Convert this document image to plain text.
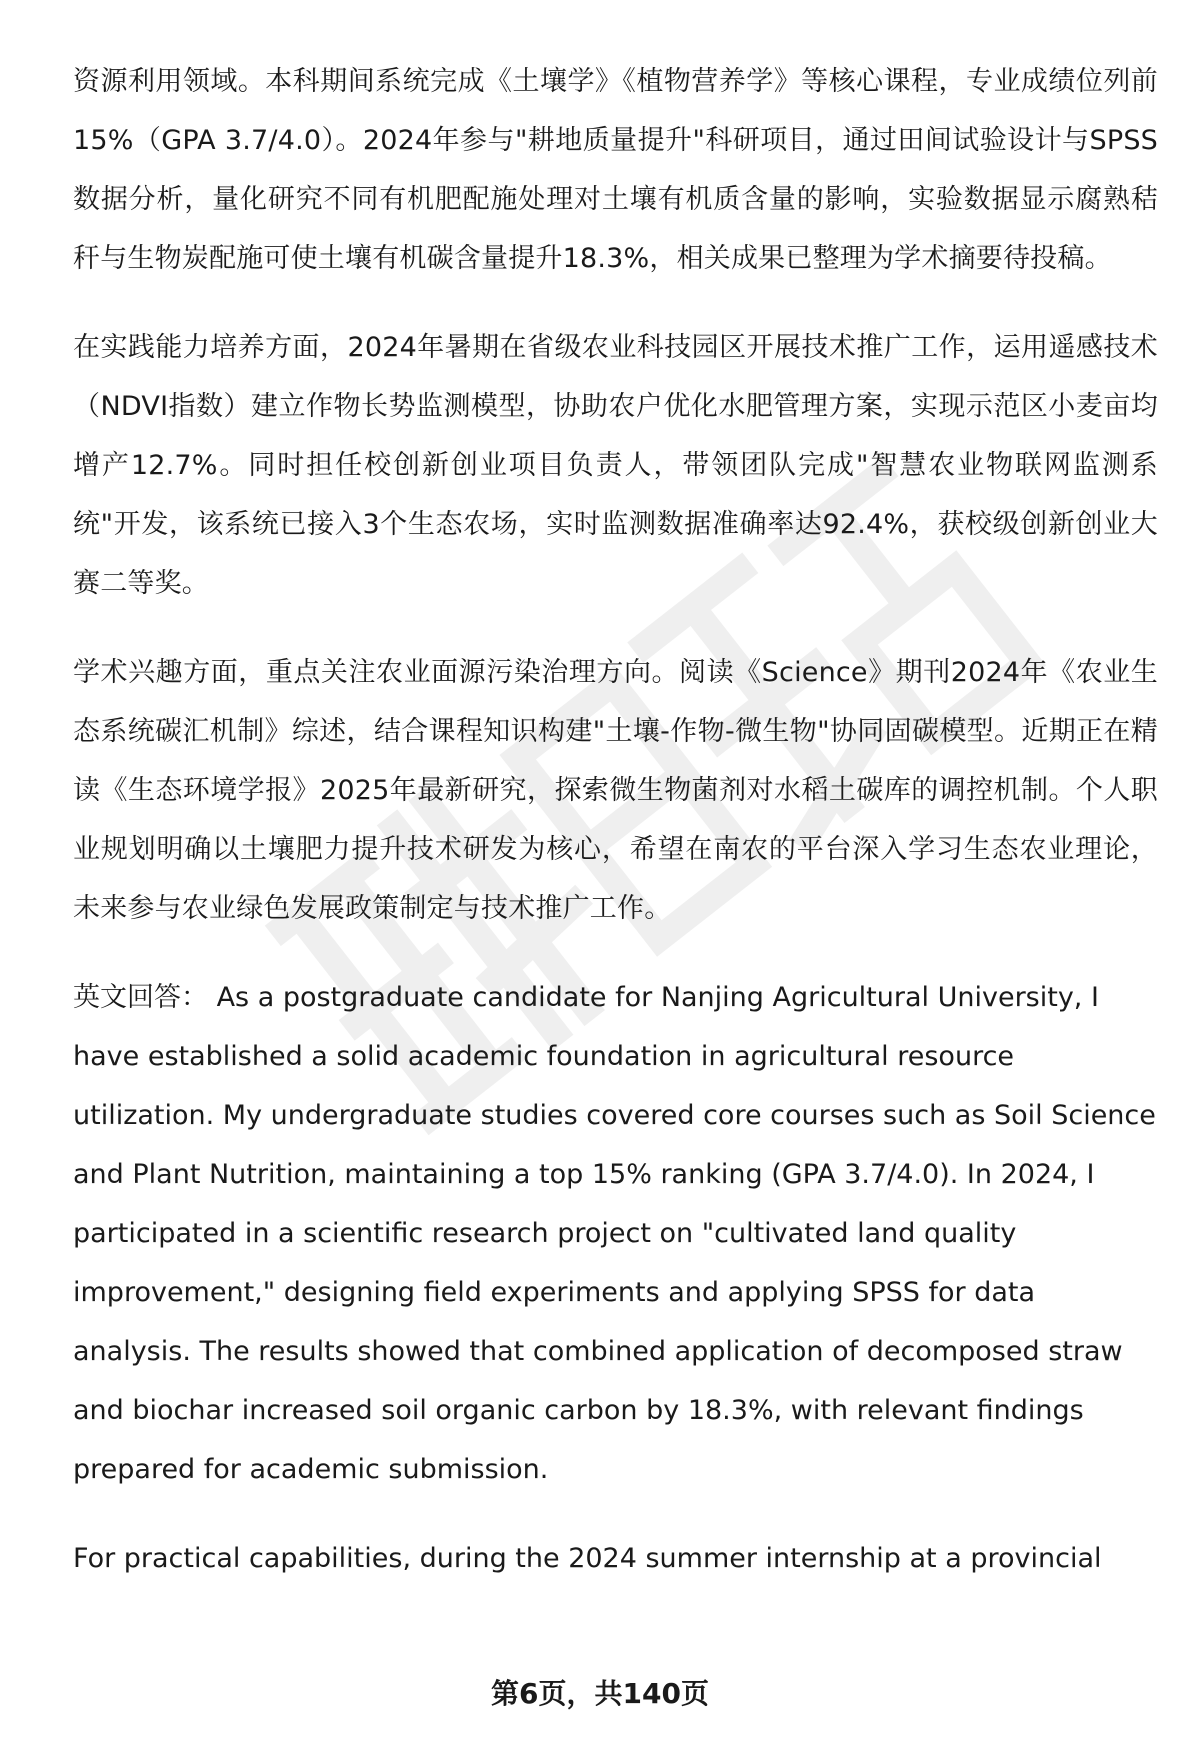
资源利用领域。本科期间系统完成《土壤学》《植物营养学》等核心课程，专业成绩位列前15%（GPA 3.7/4.0）。2024年参与"耕地质量提升"科研项目，通过田间试验设计与SPSS数据分析，量化研究不同有机肥配施处理对土壤有机质含量的影响，实验数据显示腐熟秸秆与生物炭配施可使土壤有机碳含量提升18.3%，相关成果已整理为学术摘要待投稿。

在实践能力培养方面，2024年暑期在省级农业科技园区开展技术推广工作，运用遥感技术（NDVI指数）建立作物长势监测模型，协助农户优化水肥管理方案，实现示范区小麦亩均增产12.7%。同时担任校创新创业项目负责人，带领团队完成"智慧农业物联网监测系统"开发，该系统已接入3个生态农场，实时监测数据准确率达92.4%，获校级创新创业大赛二等奖。

学术兴趣方面，重点关注农业面源污染治理方向。阅读《Science》期刊2024年《农业生态系统碳汇机制》综述，结合课程知识构建"土壤-作物-微生物"协同固碳模型。近期正在精读《生态环境学报》2025年最新研究，探索微生物菌剂对水稻土碳库的调控机制。个人职业规划明确以土壤肥力提升技术研发为核心，希望在南农的平台深入学习生态农业理论，未来参与农业绿色发展政策制定与技术推广工作。

英文回答： As a postgraduate candidate for Nanjing Agricultural University, I have established a solid academic foundation in agricultural resource utilization. My undergraduate studies covered core courses such as Soil Science and Plant Nutrition, maintaining a top 15% ranking (GPA 3.7/4.0). In 2024, I participated in a scientific research project on "cultivated land quality improvement," designing field experiments and applying SPSS for data analysis. The results showed that combined application of decomposed straw and biochar increased soil organic carbon by 18.3%, with relevant findings prepared for academic submission.

For practical capabilities, during the 2024 summer internship at a provincial

第6页，共140页
